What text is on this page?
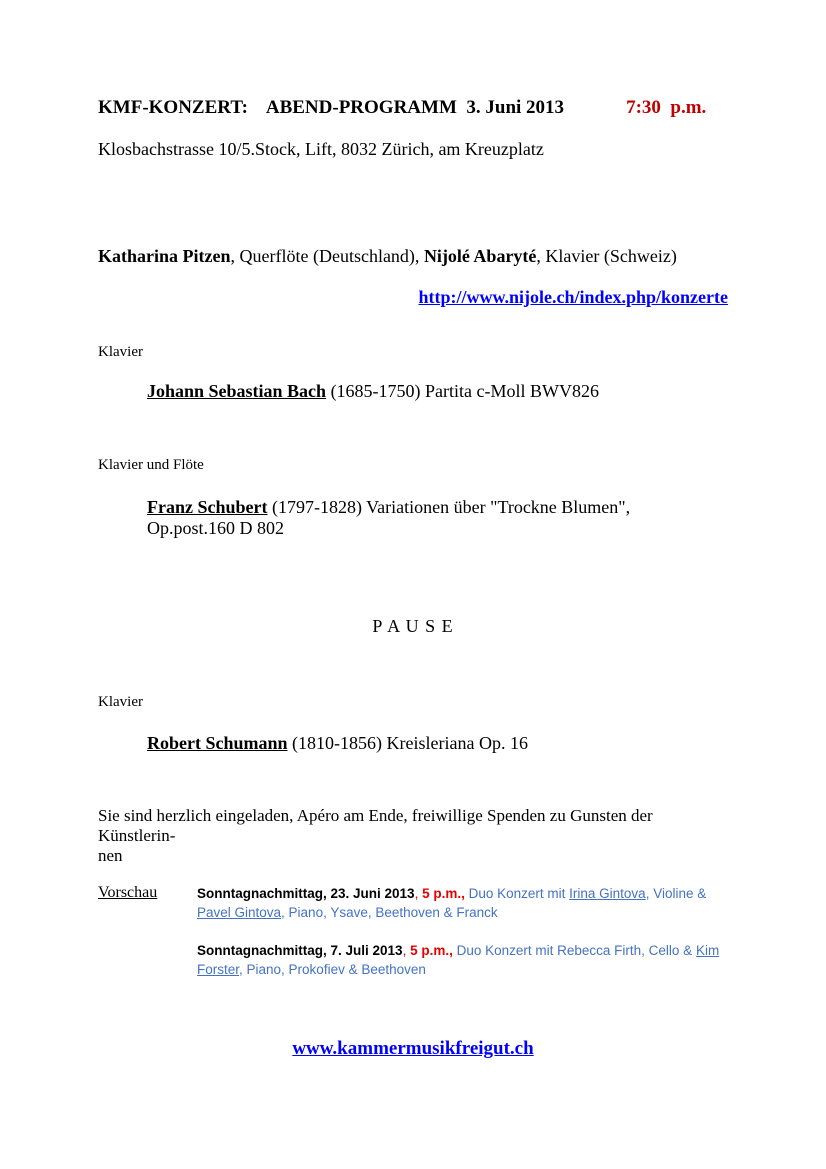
KMF-KONZERT:    ABEND-PROGRAMM  3. Juni 2013	7:30  p.m.
Klosbachstrasse 10/5.Stock, Lift, 8032 Zürich, am Kreuzplatz
Katharina Pitzen, Querflöte (Deutschland), Nijolé Abaryté, Klavier (Schweiz)
http://www.nijole.ch/index.php/konzerte
Klavier
Johann Sebastian Bach (1685-1750) Partita c-Moll BWV826
Klavier und Flöte
Franz Schubert (1797-1828) Variationen über "Trockne Blumen",
Op.post.160 D 802
P A U S E
Klavier
Robert Schumann (1810-1856) Kreisleriana Op. 16
Sie sind herzlich eingeladen, Apéro am Ende, freiwillige Spenden zu Gunsten der Künstlerin-
nen
Vorschau	Sonntagnachmittag, 23. Juni 2013, 5 p.m., Duo Konzert mit Irina Gintova, Violine &
Pavel Gintova, Piano, Ysave, Beethoven & Franck
Sonntagnachmittag, 7. Juli 2013, 5 p.m., Duo Konzert mit Rebecca Firth, Cello & Kim
Forster, Piano, Prokofiev & Beethoven
www.kammermusikfreigut.ch
